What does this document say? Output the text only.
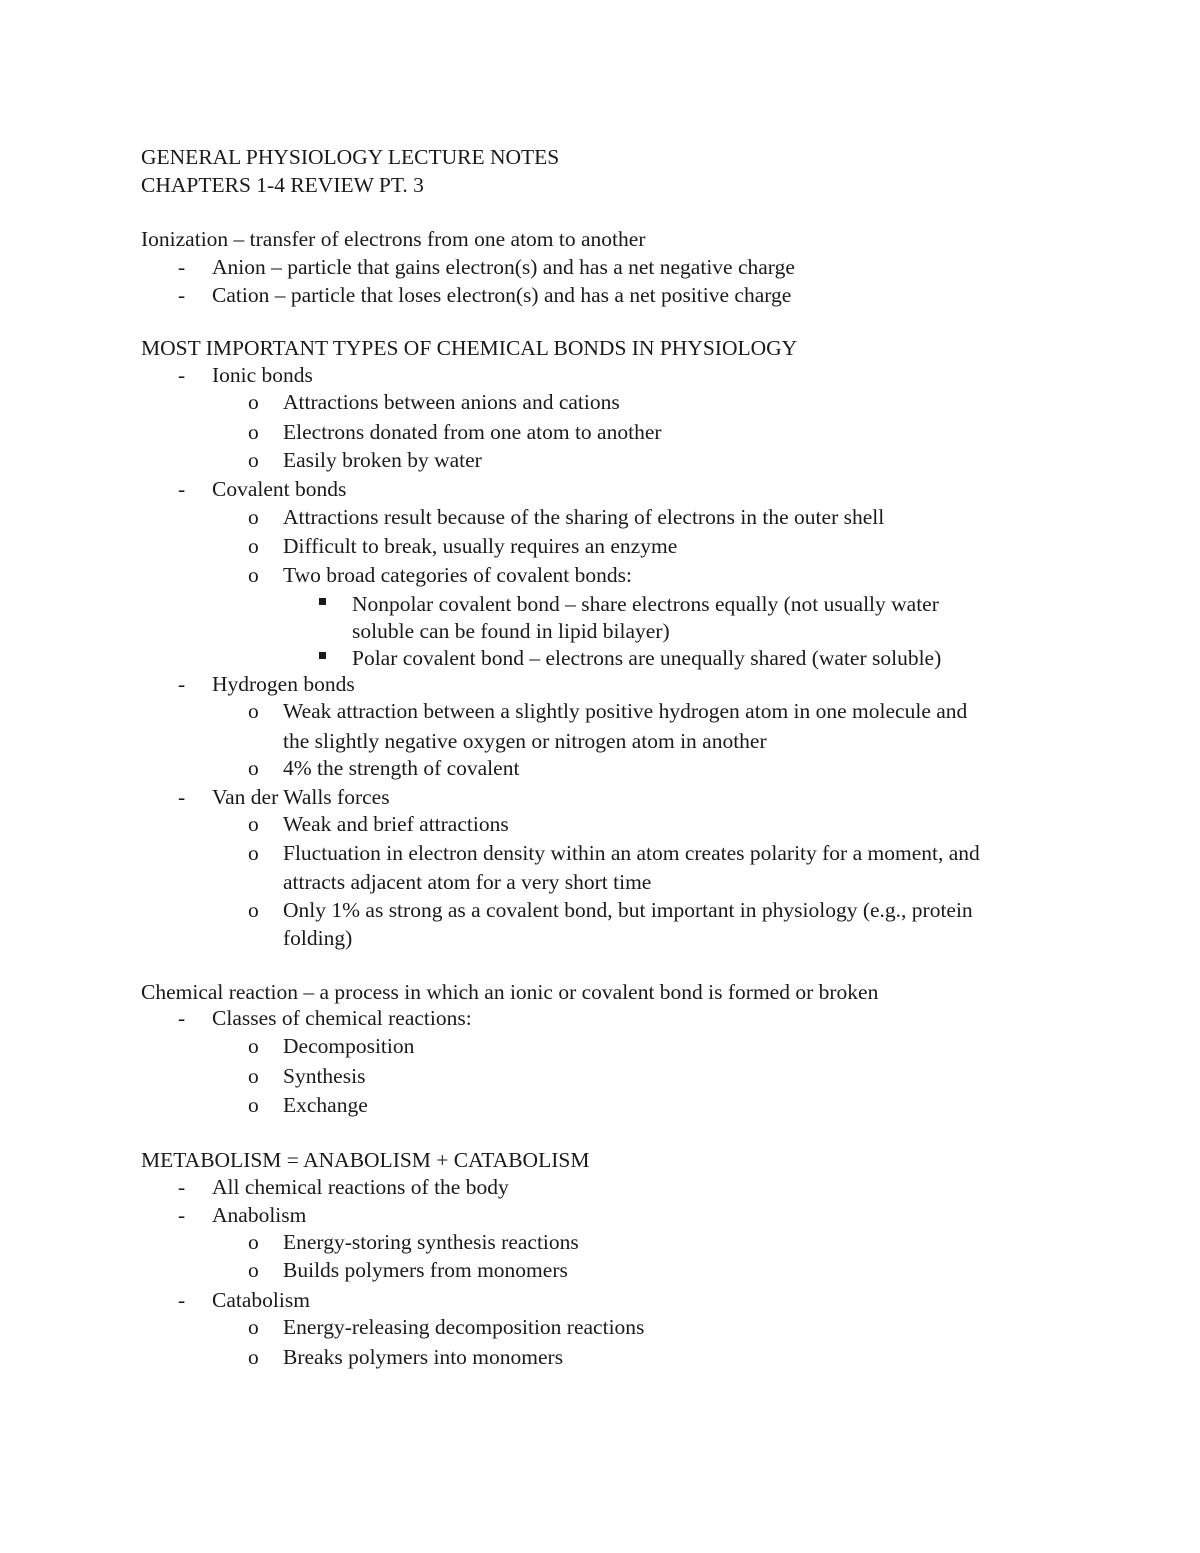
GENERAL PHYSIOLOGY LECTURE NOTES
CHAPTERS 1-4 REVIEW PT. 3
Ionization – transfer of electrons from one atom to another
- Anion – particle that gains electron(s) and has a net negative charge
- Cation – particle that loses electron(s) and has a net positive charge
MOST IMPORTANT TYPES OF CHEMICAL BONDS IN PHYSIOLOGY
- Ionic bonds
o Attractions between anions and cations
o Electrons donated from one atom to another
o Easily broken by water
- Covalent bonds
o Attractions result because of the sharing of electrons in the outer shell
o Difficult to break, usually requires an enzyme
o Two broad categories of covalent bonds:
Nonpolar covalent bond – share electrons equally (not usually water
soluble can be found in lipid bilayer)
Polar covalent bond – electrons are unequally shared (water soluble)
- Hydrogen bonds
o Weak attraction between a slightly positive hydrogen atom in one molecule and
the slightly negative oxygen or nitrogen atom in another
o 4% the strength of covalent
- Van der Walls forces
o Weak and brief attractions
o Fluctuation in electron density within an atom creates polarity for a moment, and
attracts adjacent atom for a very short time
o Only 1% as strong as a covalent bond, but important in physiology (e.g., protein
folding)
Chemical reaction – a process in which an ionic or covalent bond is formed or broken
- Classes of chemical reactions:
o Decomposition
o Synthesis
o Exchange
METABOLISM = ANABOLISM + CATABOLISM
- All chemical reactions of the body
- Anabolism
o Energy-storing synthesis reactions
o Builds polymers from monomers
- Catabolism
o Energy-releasing decomposition reactions
o Breaks polymers into monomers
